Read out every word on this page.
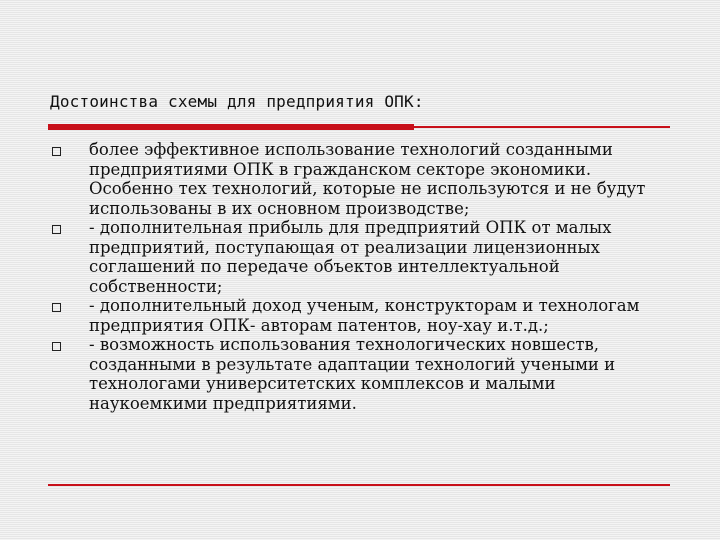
Достоинства схемы для предприятия ОПК:

более эффективное использование технологий созданными предприятиями ОПК в гражданском секторе экономики. Особенно тех технологий, которые не используются и не будут использованы в их основном производстве;

- дополнительная прибыль для предприятий ОПК от малых предприятий, поступающая от реализации лицензионных соглашений по передаче объектов интеллектуальной собственности;

- дополнительный доход ученым, конструкторам и технологам предприятия ОПК- авторам патентов, ноу-хау и.т.д.;

- возможность использования технологических новшеств, созданными в результате адаптации технологий учеными и технологами университетских комплексов и малыми наукоемкими предприятиями.
